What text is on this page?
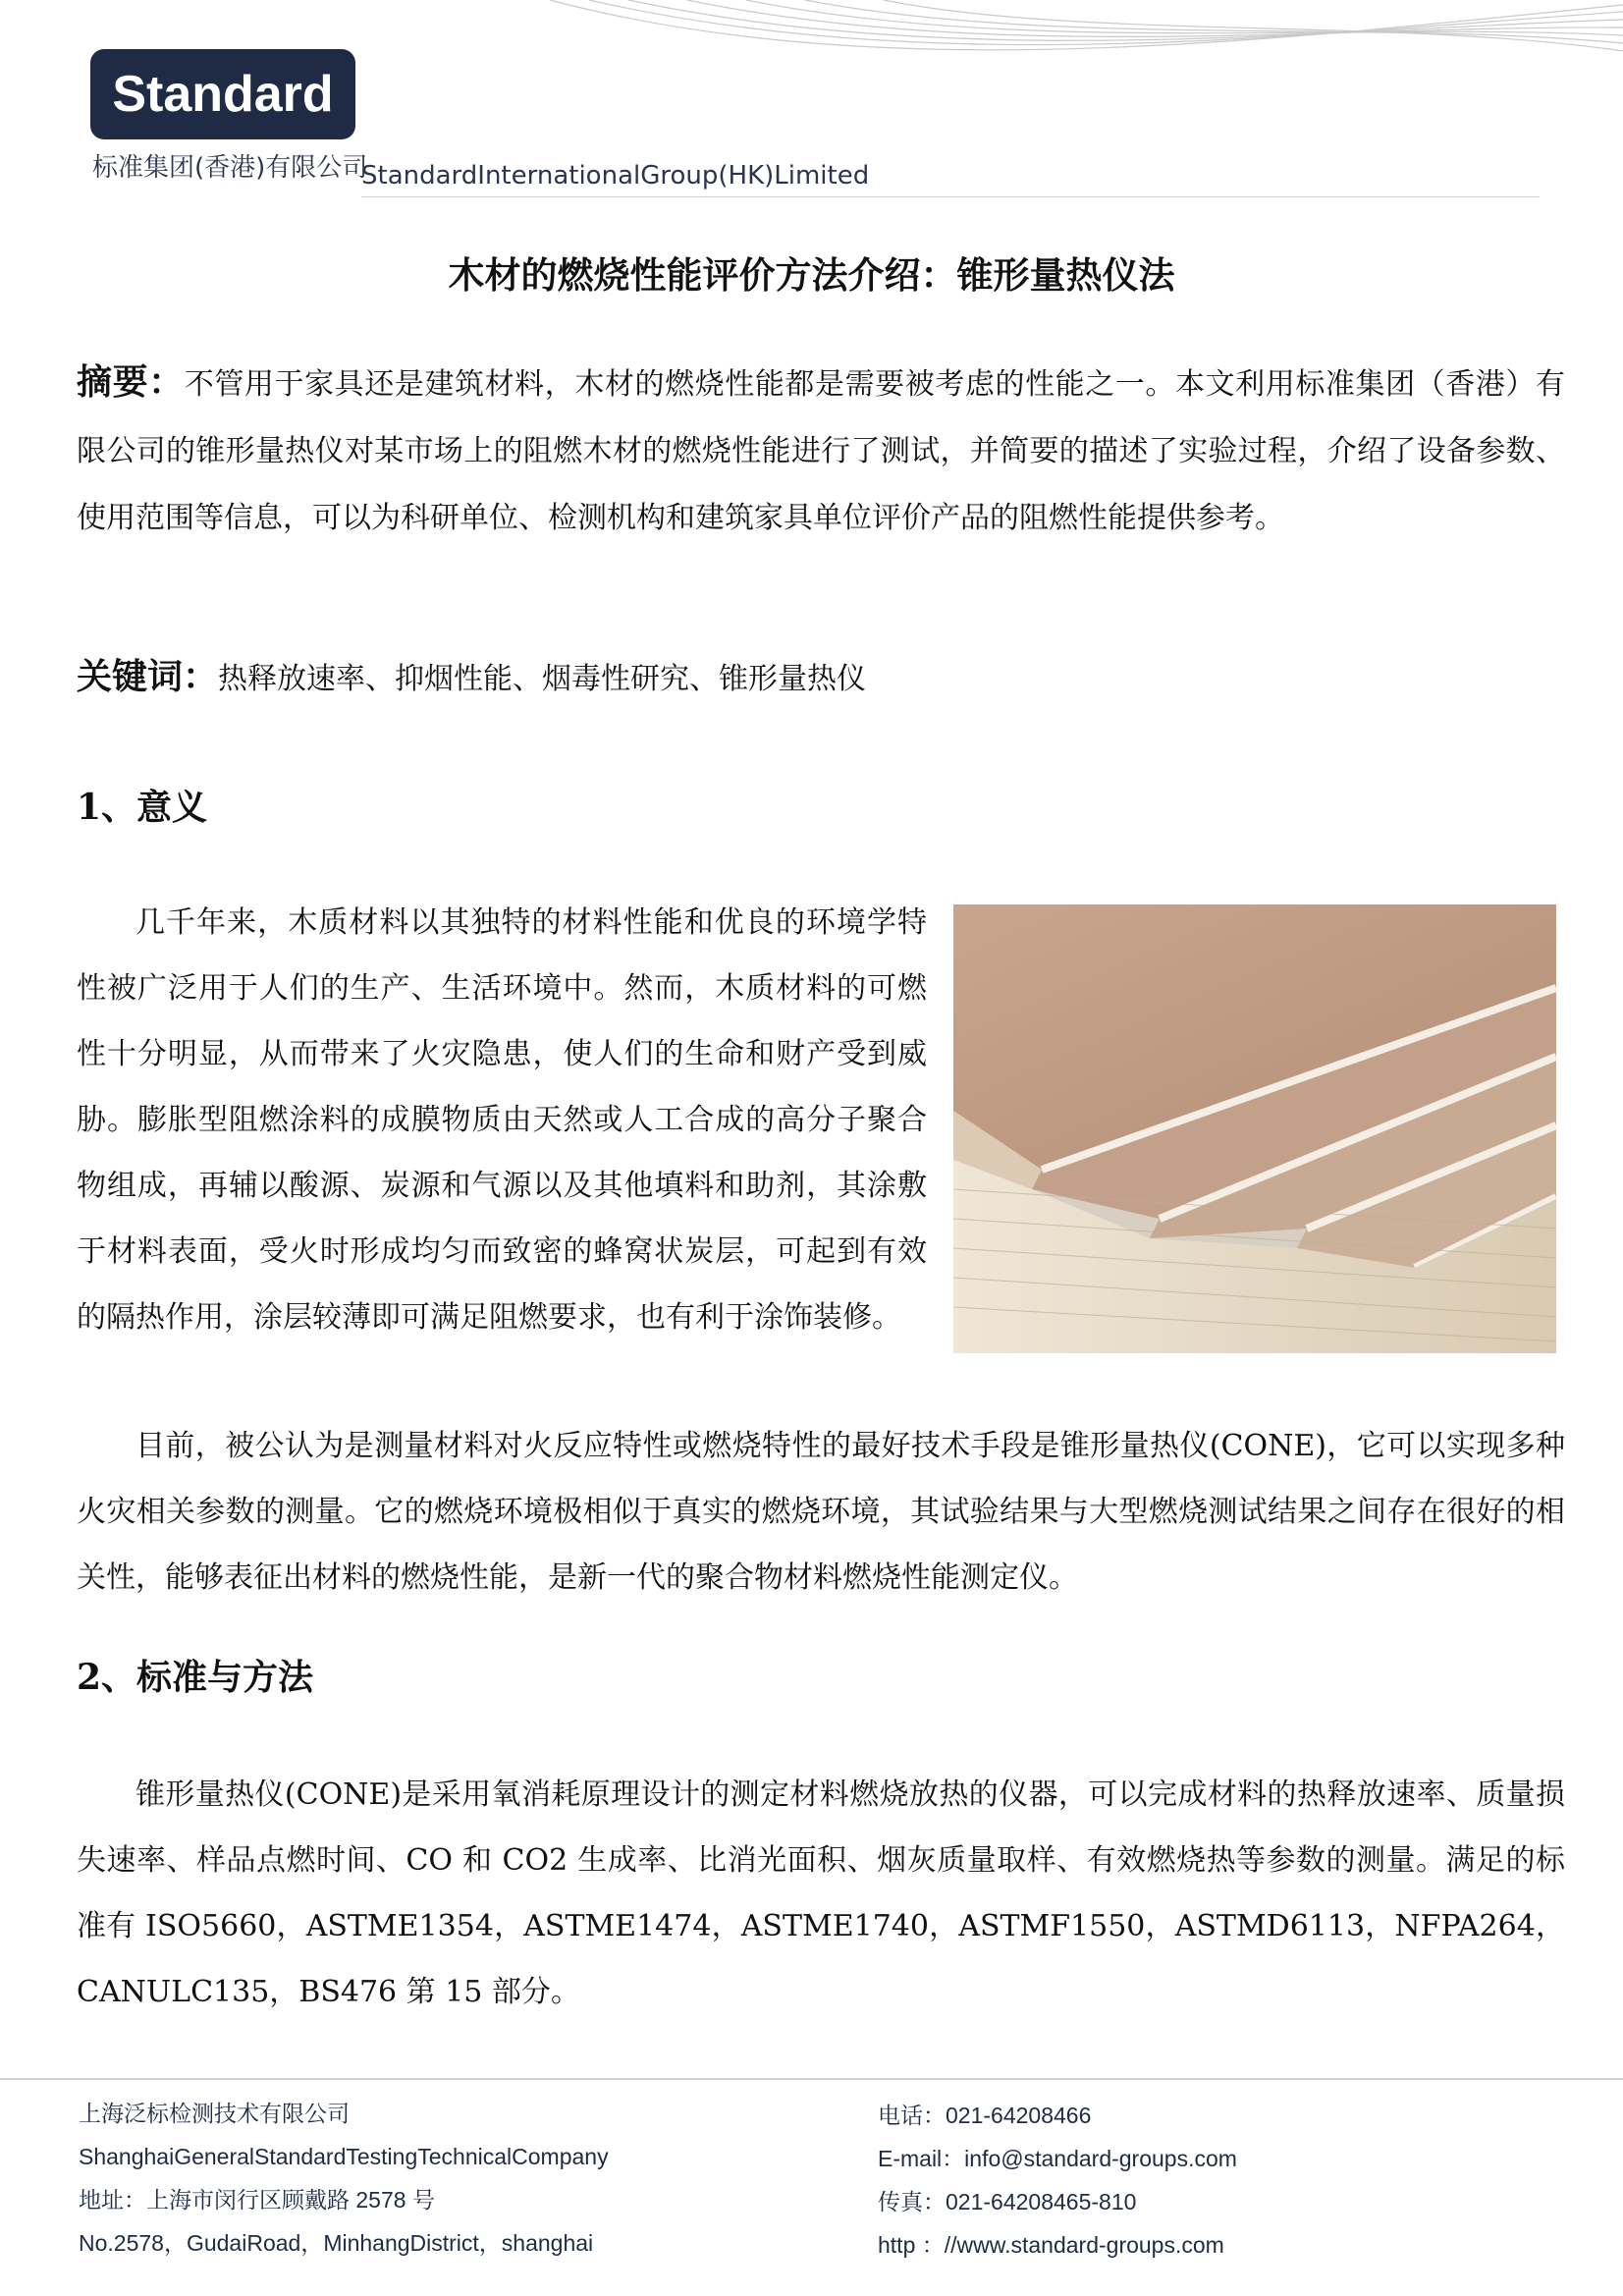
Standard
标准集团(香港)有限公司
StandardInternationalGroup(HK)Limited
木材的燃烧性能评价方法介绍：锥形量热仪法
摘要：不管用于家具还是建筑材料，木材的燃烧性能都是需要被考虑的性能之一。本文利用标准集团（香港）有限公司的锥形量热仪对某市场上的阻燃木材的燃烧性能进行了测试，并简要的描述了实验过程，介绍了设备参数、使用范围等信息，可以为科研单位、检测机构和建筑家具单位评价产品的阻燃性能提供参考。
关键词：热释放速率、抑烟性能、烟毒性研究、锥形量热仪
1、意义
几千年来，木质材料以其独特的材料性能和优良的环境学特性被广泛用于人们的生产、生活环境中。然而，木质材料的可燃性十分明显，从而带来了火灾隐患，使人们的生命和财产受到威胁。膨胀型阻燃涂料的成膜物质由天然或人工合成的高分子聚合物组成，再辅以酸源、炭源和气源以及其他填料和助剂，其涂敷于材料表面，受火时形成均匀而致密的蜂窝状炭层，可起到有效的隔热作用，涂层较薄即可满足阻燃要求，也有利于涂饰装修。
目前，被公认为是测量材料对火反应特性或燃烧特性的最好技术手段是锥形量热仪(CONE)，它可以实现多种火灾相关参数的测量。它的燃烧环境极相似于真实的燃烧环境，其试验结果与大型燃烧测试结果之间存在很好的相关性，能够表征出材料的燃烧性能，是新一代的聚合物材料燃烧性能测定仪。
2、标准与方法
锥形量热仪(CONE)是采用氧消耗原理设计的测定材料燃烧放热的仪器，可以完成材料的热释放速率、质量损失速率、样品点燃时间、CO 和 CO2 生成率、比消光面积、烟灰质量取样、有效燃烧热等参数的测量。满足的标准有 ISO5660，ASTME1354，ASTME1474，ASTME1740，ASTMF1550，ASTMD6113，NFPA264，CANULC135，BS476 第 15 部分。
上海泛标检测技术有限公司
ShanghaiGeneralStandardTestingTechnicalCompany
地址：上海市闵行区顾戴路 2578 号
No.2578，GudaiRoad，MinhangDistrict，shanghai
电话：021-64208466
E-mail：info@standard-groups.com
传真：021-64208465-810
http ：//www.standard-groups.com
